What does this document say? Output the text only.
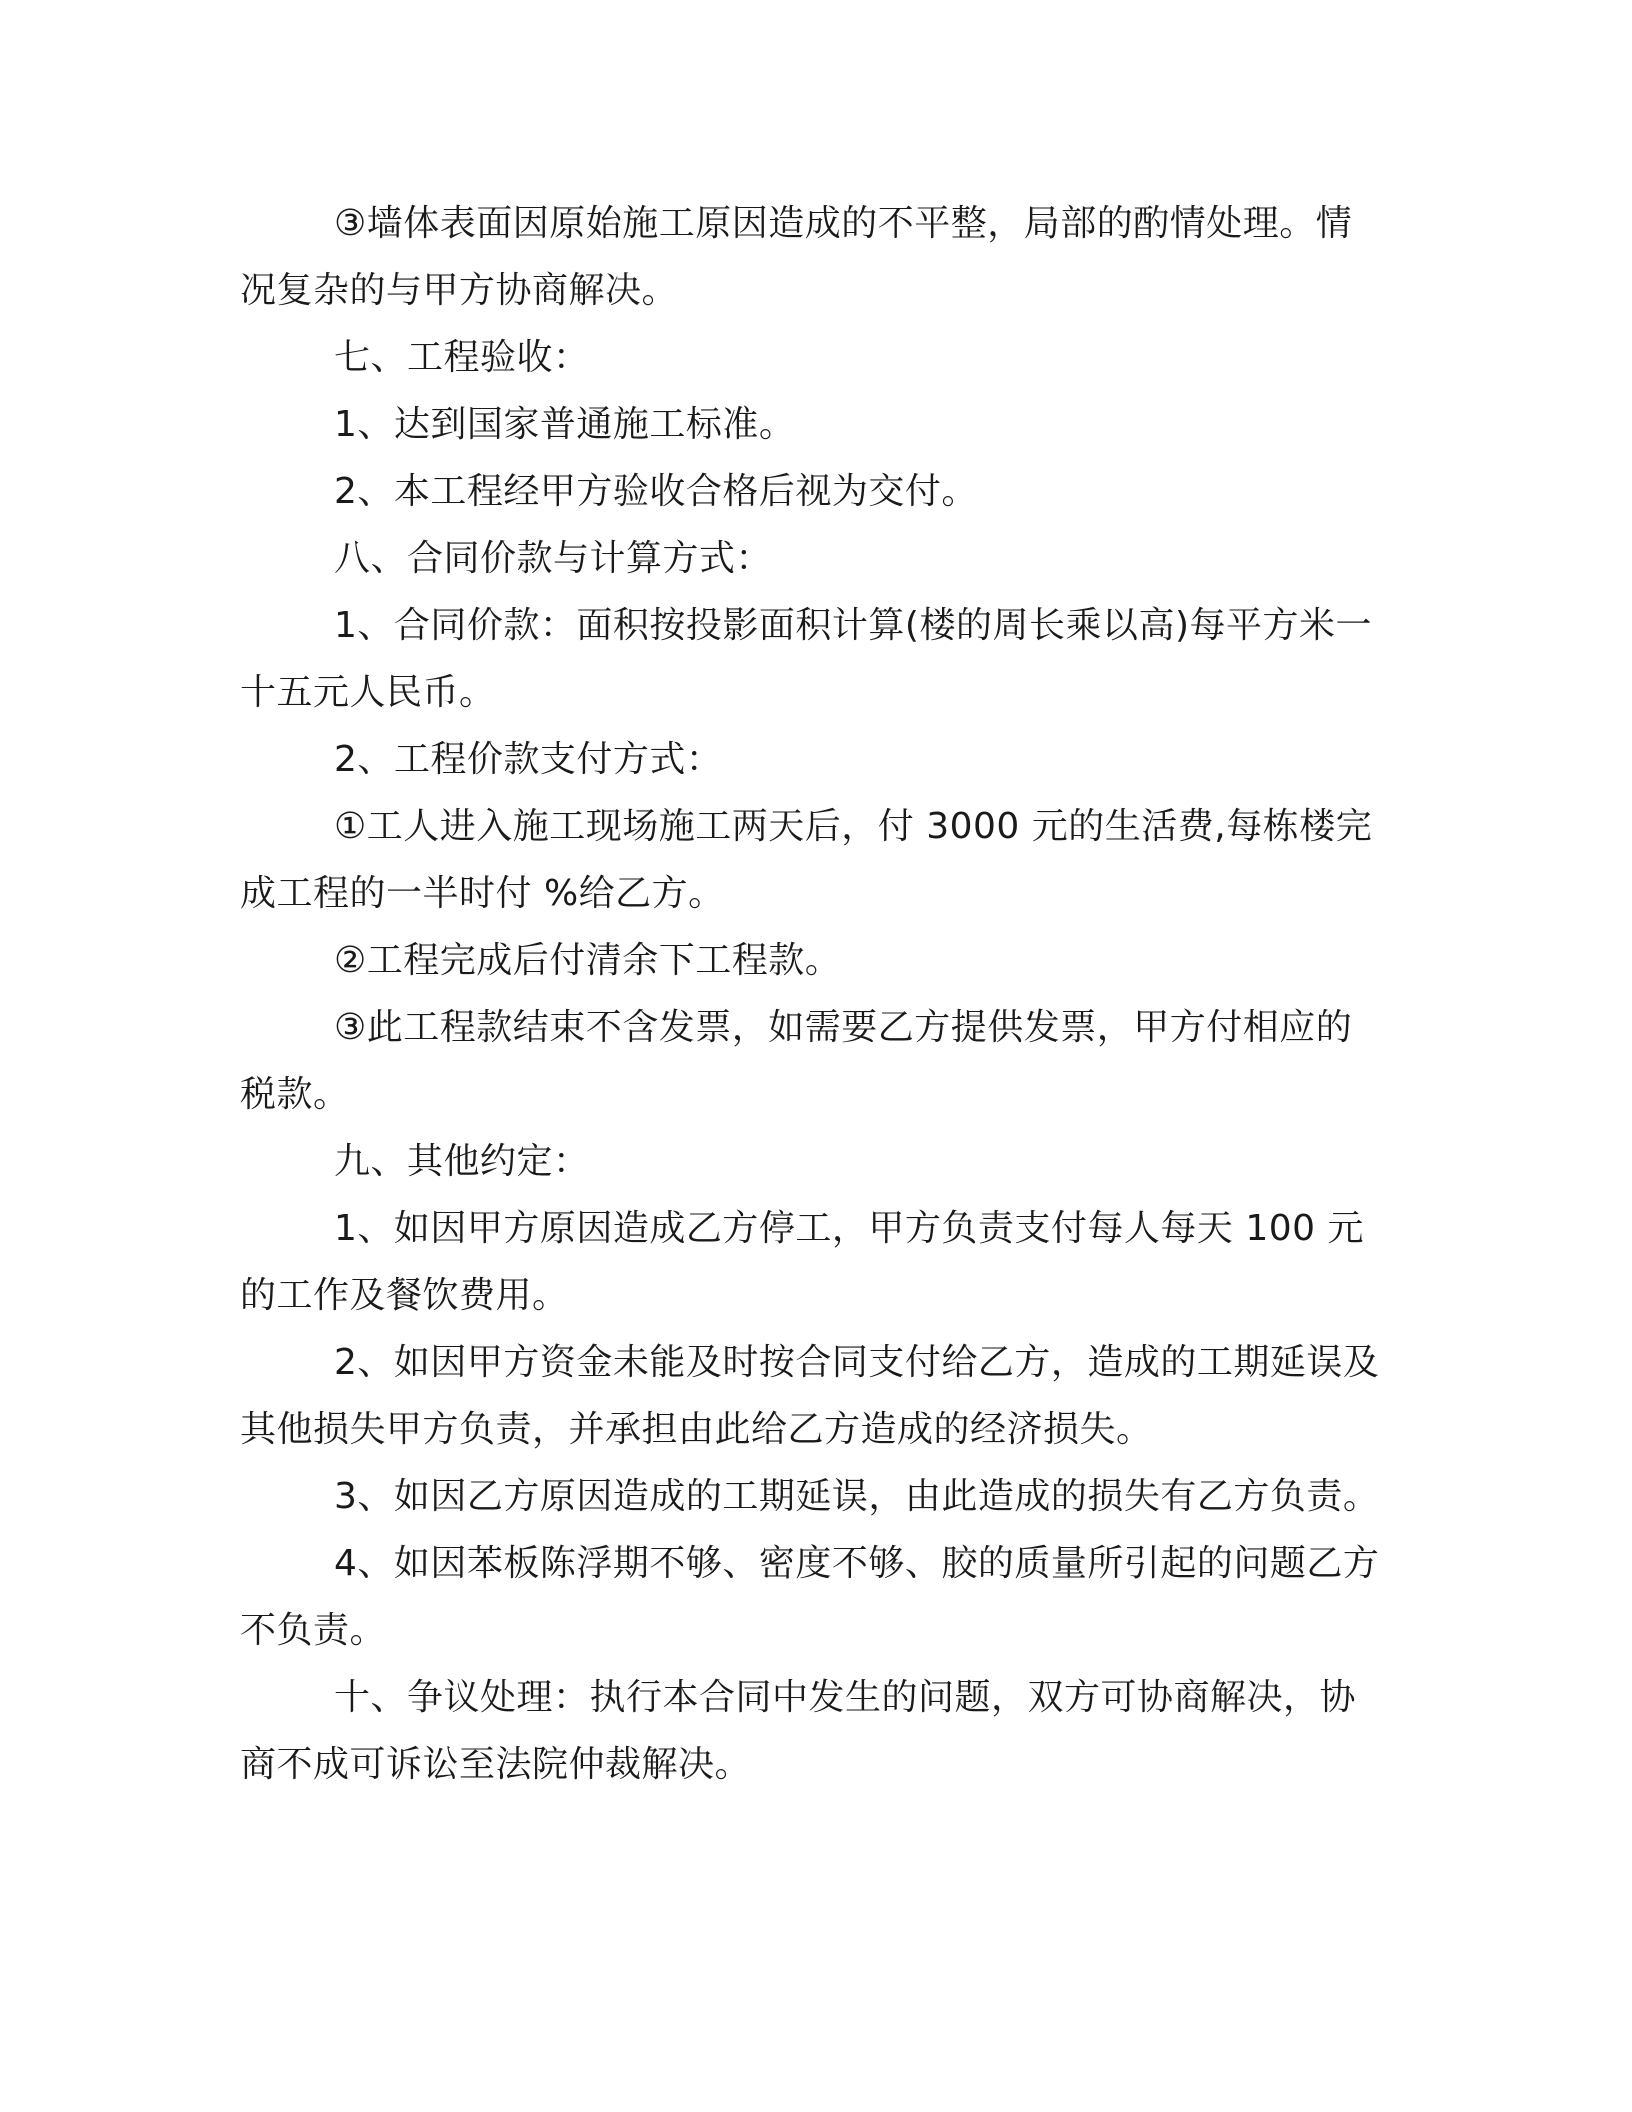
③墙体表面因原始施工原因造成的不平整，局部的酌情处理。情况复杂的与甲方协商解决。

七、工程验收：

1、达到国家普通施工标准。

2、本工程经甲方验收合格后视为交付。

八、合同价款与计算方式：

1、合同价款：面积按投影面积计算(楼的周长乘以高)每平方米一十五元人民币。

2、工程价款支付方式：

①工人进入施工现场施工两天后，付 3000 元的生活费,每栋楼完成工程的一半时付 %给乙方。

②工程完成后付清余下工程款。

③此工程款结束不含发票，如需要乙方提供发票，甲方付相应的税款。

九、其他约定：

1、如因甲方原因造成乙方停工，甲方负责支付每人每天 100 元的工作及餐饮费用。

2、如因甲方资金未能及时按合同支付给乙方，造成的工期延误及其他损失甲方负责，并承担由此给乙方造成的经济损失。

3、如因乙方原因造成的工期延误，由此造成的损失有乙方负责。

4、如因苯板陈浮期不够、密度不够、胶的质量所引起的问题乙方不负责。

十、争议处理：执行本合同中发生的问题，双方可协商解决，协商不成可诉讼至法院仲裁解决。
